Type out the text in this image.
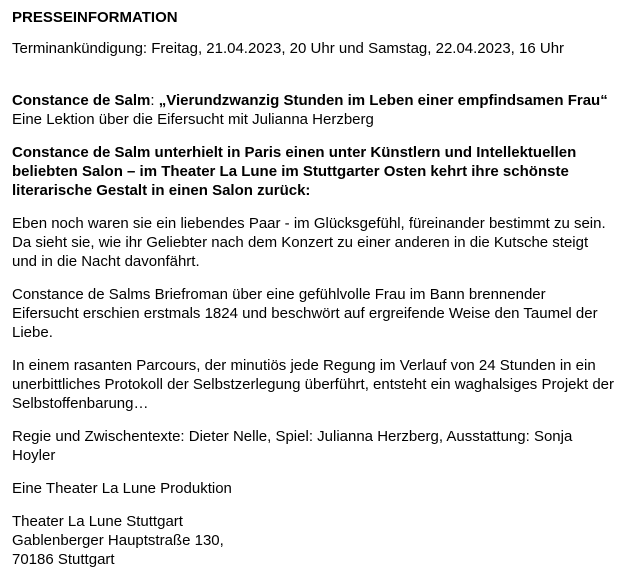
PRESSEINFORMATION

Terminankündigung: Freitag, 21.04.2023, 20 Uhr und Samstag, 22.04.2023, 16 Uhr

Constance de Salm: „Vierundzwanzig Stunden im Leben einer empfindsamen Frau“ Eine Lektion über die Eifersucht mit Julianna Herzberg

Constance de Salm unterhielt in Paris einen unter Künstlern und Intellektuellen beliebten Salon – im Theater La Lune im Stuttgarter Osten kehrt ihre schönste literarische Gestalt in einen Salon zurück:

Eben noch waren sie ein liebendes Paar - im Glücksgefühl, füreinander bestimmt zu sein. Da sieht sie, wie ihr Geliebter nach dem Konzert zu einer anderen in die Kutsche steigt und in die Nacht davonfährt.

Constance de Salms Briefroman über eine gefühlvolle Frau im Bann brennender Eifersucht erschien erstmals 1824 und beschwört auf ergreifende Weise den Taumel der Liebe.

In einem rasanten Parcours, der minutiös jede Regung im Verlauf von 24 Stunden in ein unerbittliches Protokoll der Selbstzerlegung überführt, entsteht ein waghalsiges Projekt der Selbstoffenbarung…

Regie und Zwischentexte: Dieter Nelle, Spiel: Julianna Herzberg, Ausstattung: Sonja Hoyler

Eine Theater La Lune Produktion

Theater La Lune Stuttgart

Gablenberger Hauptstraße 130,

70186 Stuttgart
